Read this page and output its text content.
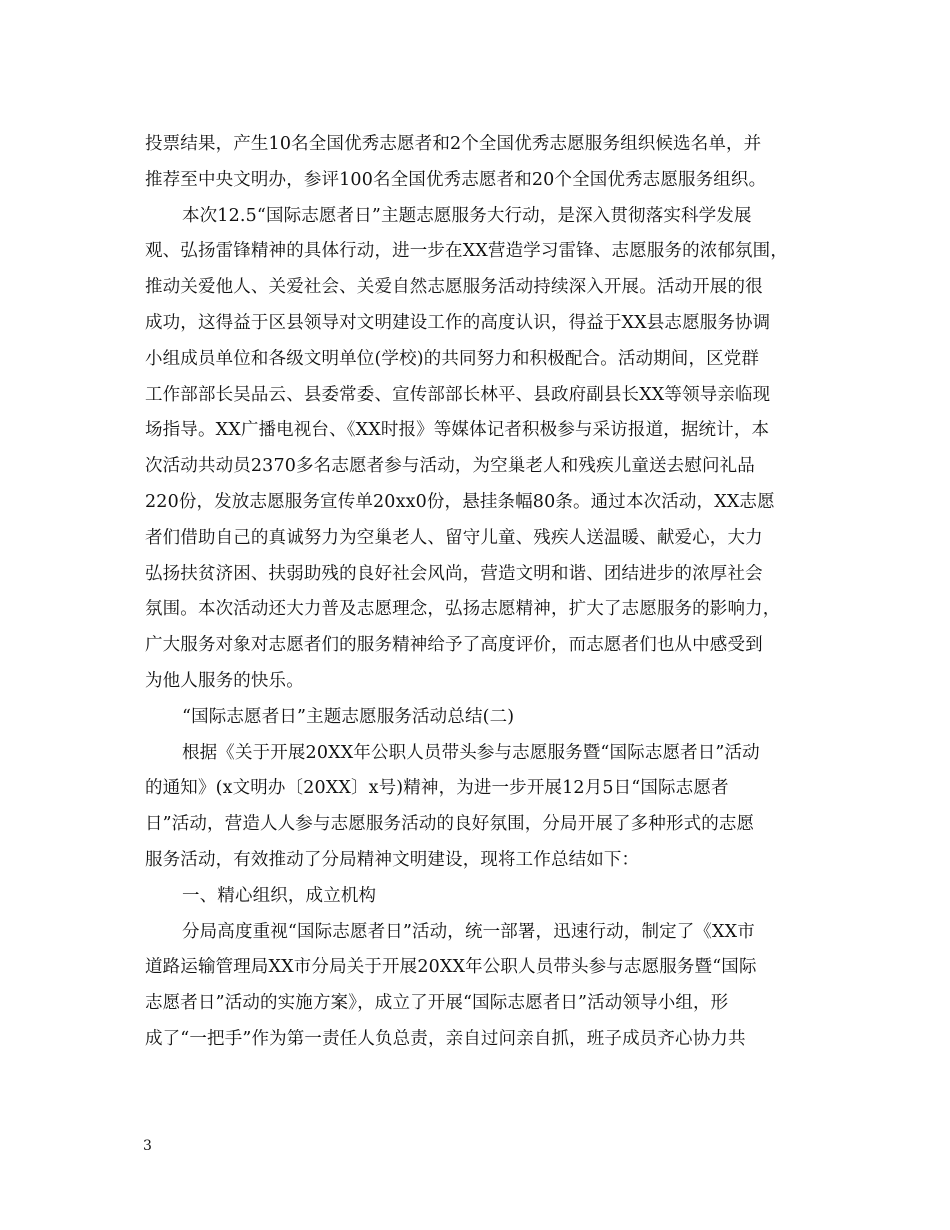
投票结果，产生10名全国优秀志愿者和2个全国优秀志愿服务组织候选名单，并
推荐至中央文明办，参评100名全国优秀志愿者和20个全国优秀志愿服务组织。
本次12.5“国际志愿者日”主题志愿服务大行动，是深入贯彻落实科学发展
观、弘扬雷锋精神的具体行动，进一步在XX营造学习雷锋、志愿服务的浓郁氛围，
推动关爱他人、关爱社会、关爱自然志愿服务活动持续深入开展。活动开展的很
成功，这得益于区县领导对文明建设工作的高度认识，得益于XX县志愿服务协调
小组成员单位和各级文明单位(学校)的共同努力和积极配合。活动期间，区党群
工作部部长吴品云、县委常委、宣传部部长林平、县政府副县长XX等领导亲临现
场指导。XX广播电视台、《XX时报》等媒体记者积极参与采访报道，据统计，本
次活动共动员2370多名志愿者参与活动，为空巢老人和残疾儿童送去慰问礼品
220份，发放志愿服务宣传单20xx0份，悬挂条幅80条。通过本次活动，XX志愿
者们借助自己的真诚努力为空巢老人、留守儿童、残疾人送温暖、献爱心，大力
弘扬扶贫济困、扶弱助残的良好社会风尚，营造文明和谐、团结进步的浓厚社会
氛围。本次活动还大力普及志愿理念，弘扬志愿精神，扩大了志愿服务的影响力，
广大服务对象对志愿者们的服务精神给予了高度评价，而志愿者们也从中感受到
为他人服务的快乐。
“国际志愿者日”主题志愿服务活动总结(二)
根据《关于开展20XX年公职人员带头参与志愿服务暨“国际志愿者日”活动
的通知》(x文明办〔20XX〕x号)精神，为进一步开展12月5日“国际志愿者
日”活动，营造人人参与志愿服务活动的良好氛围，分局开展了多种形式的志愿
服务活动，有效推动了分局精神文明建设，现将工作总结如下：
一、精心组织，成立机构
分局高度重视“国际志愿者日”活动，统一部署，迅速行动，制定了《XX市
道路运输管理局XX市分局关于开展20XX年公职人员带头参与志愿服务暨“国际
志愿者日”活动的实施方案》，成立了开展“国际志愿者日”活动领导小组，形
成了“一把手”作为第一责任人负总责，亲自过问亲自抓，班子成员齐心协力共
3
